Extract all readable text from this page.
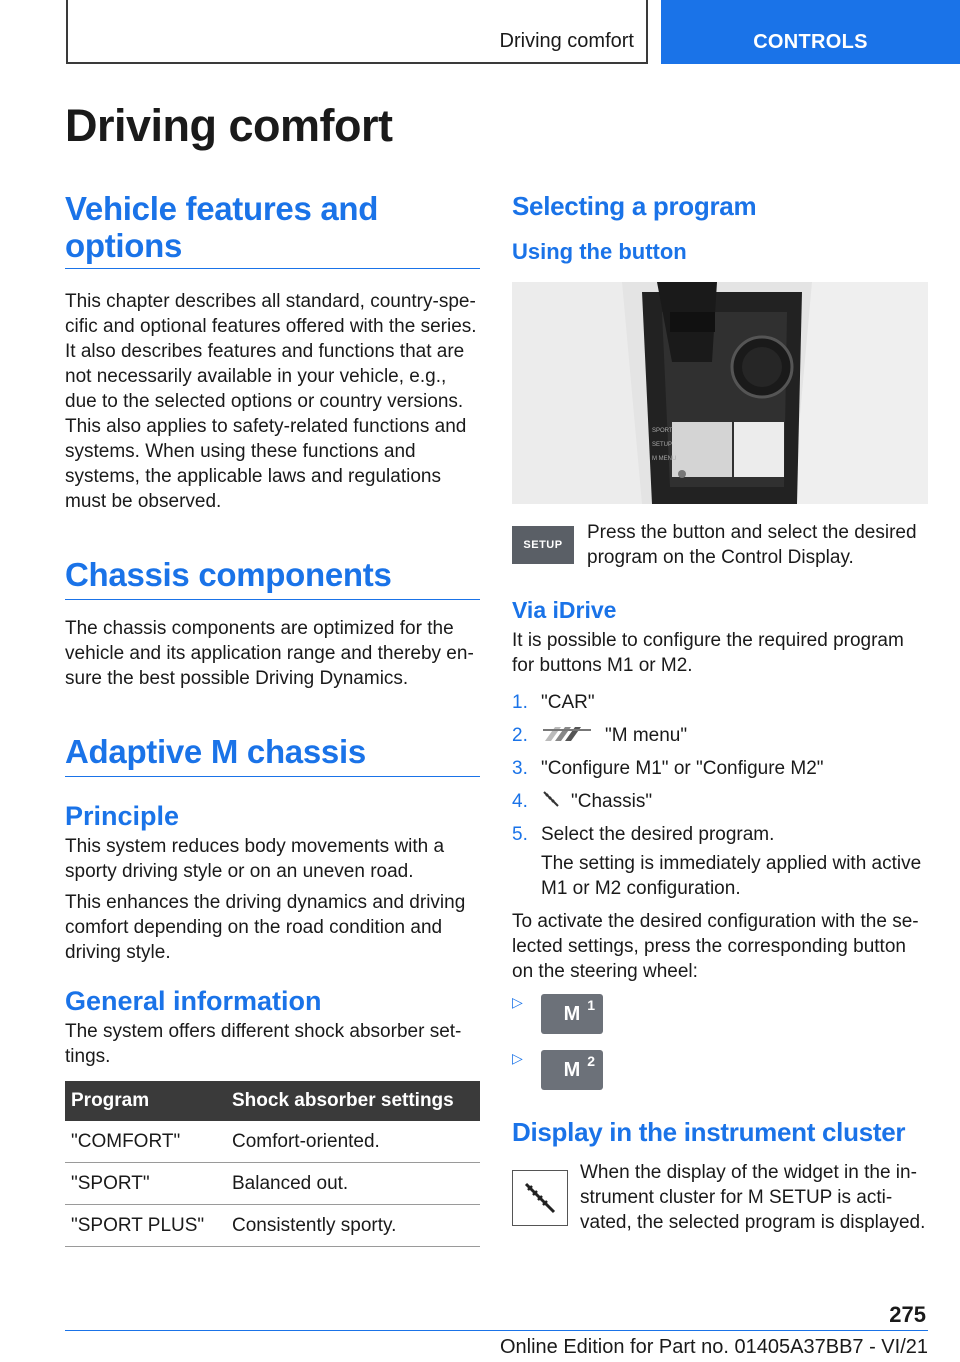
Driving comfort	CONTROLS
Driving comfort
Vehicle features and options

This chapter describes all standard, country-specific and optional features offered with the series. It also describes features and functions that are not necessarily available in your vehicle, e.g., due to the selected options or country versions. This also applies to safety-related functions and systems. When using these functions and systems, the applicable laws and regulations must be observed.

Chassis components

The chassis components are optimized for the vehicle and its application range and thereby ensure the best possible Driving Dynamics.

Adaptive M chassis
Principle

This system reduces body movements with a sporty driving style or on an uneven road.

This enhances the driving dynamics and driving comfort depending on the road condition and driving style.

General information

The system offers different shock absorber settings.

Program	Shock absorber settings
"COMFORT"	Comfort-oriented.
"SPORT"	Balanced out.
"SPORT PLUS"	Consistently sporty.
Selecting a program
Using the button
SPORT
SETUP
M MENU
SETUP

Press the button and select the desired program on the Control Display.

Via iDrive

It is possible to configure the required program for buttons M1 or M2.

1. "CAR"
2.	"M menu"
3. "Configure M1" or "Configure M2"
4.	"Chassis"
5. Select the desired program.
The setting is immediately applied with active M1 or M2 configuration.

To activate the desired configuration with the selected settings, press the corresponding button on the steering wheel:

▷
M $^1$
▷
M $^2$
Display in the instrument cluster

When the display of the widget in the instrument cluster for M SETUP is activated, the selected program is displayed.

275
Online Edition for Part no. 01405A37BB7 - VI/21
